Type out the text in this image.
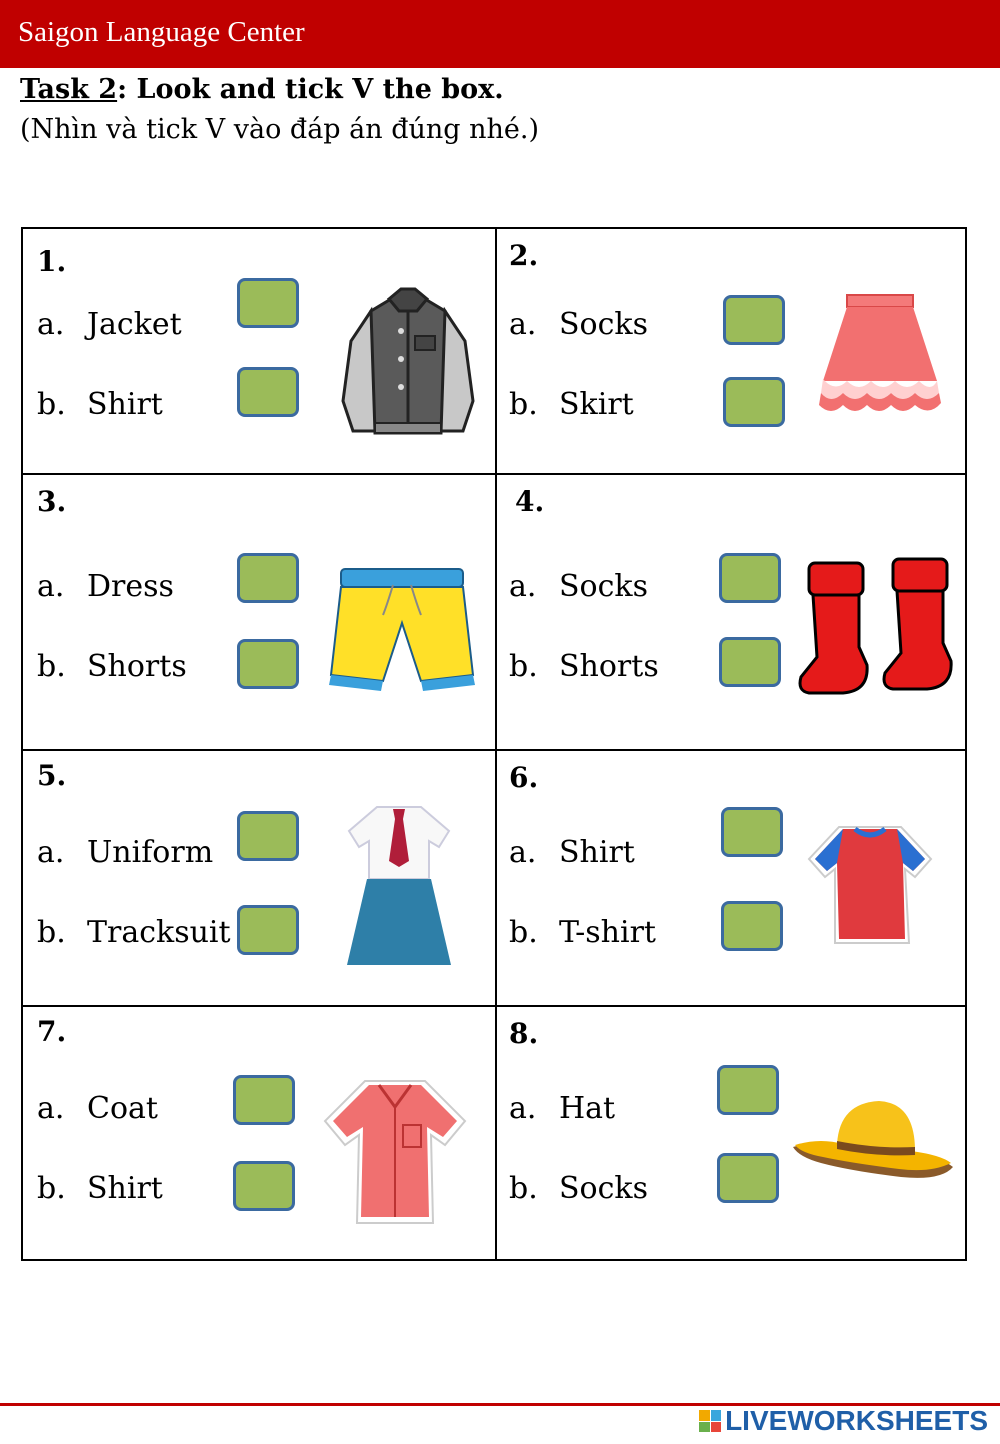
Saigon Language Center
Task 2: Look and tick V the box.
(Nhìn và tick V vào đáp án đúng nhé.)
1.
a. Jacket
b. Shirt
2.
a. Socks
b. Skirt
3.
a. Dress
b. Shorts
4.
a. Socks
b. Shorts
5.
a. Uniform
b. Tracksuit
6.
a. Shirt
b. T-shirt
7.
a. Coat
b. Shirt
8.
a. Hat
b. Socks
LIVEWORKSHEETS
